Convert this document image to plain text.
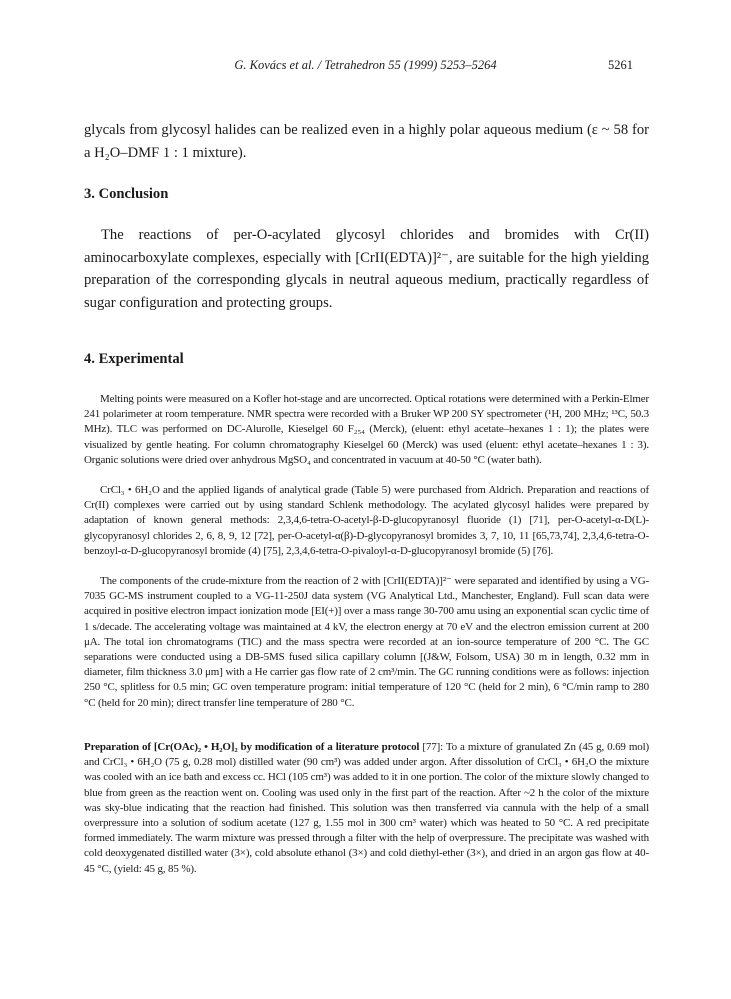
G. Kovács et al. / Tetrahedron 55 (1999) 5253–5264	5261
glycals from glycosyl halides can be realized even in a highly polar aqueous medium (ε ~ 58 for a H₂O–DMF 1 : 1 mixture).
3. Conclusion
The reactions of per-O-acylated glycosyl chlorides and bromides with Cr(II) aminocarboxylate complexes, especially with [CrII(EDTA)]²⁻, are suitable for the high yielding preparation of the corresponding glycals in neutral aqueous medium, practically regardless of sugar configuration and protecting groups.
4. Experimental
Melting points were measured on a Kofler hot-stage and are uncorrected. Optical rotations were determined with a Perkin-Elmer 241 polarimeter at room temperature. NMR spectra were recorded with a Bruker WP 200 SY spectrometer (¹H, 200 MHz; ¹³C, 50.3 MHz). TLC was performed on DC-Alurolle, Kieselgel 60 F₂₅₄ (Merck), (eluent: ethyl acetate–hexanes 1 : 1); the plates were visualized by gentle heating. For column chromatography Kieselgel 60 (Merck) was used (eluent: ethyl acetate–hexanes 1 : 3). Organic solutions were dried over anhydrous MgSO₄ and concentrated in vacuum at 40-50 °C (water bath).
CrCl₃ • 6H₂O and the applied ligands of analytical grade (Table 5) were purchased from Aldrich. Preparation and reactions of Cr(II) complexes were carried out by using standard Schlenk methodology. The acylated glycosyl halides were prepared by adaptation of known general methods: 2,3,4,6-tetra-O-acetyl-β-D-glucopyranosyl fluoride (1) [71], per-O-acetyl-α-D(L)-glycopyranosyl chlorides 2, 6, 8, 9, 12 [72], per-O-acetyl-α(β)-D-glycopyranosyl bromides 3, 7, 10, 11 [65,73,74], 2,3,4,6-tetra-O-benzoyl-α-D-glucopyranosyl bromide (4) [75], 2,3,4,6-tetra-O-pivaloyl-α-D-glucopyranosyl bromide (5) [76].
The components of the crude-mixture from the reaction of 2 with [CrII(EDTA)]²⁻ were separated and identified by using a VG-7035 GC-MS instrument coupled to a VG-11-250J data system (VG Analytical Ltd., Manchester, England). Full scan data were acquired in positive electron impact ionization mode [EI(+)] over a mass range 30-700 amu using an exponential scan cyclic time of 1 s/decade. The accelerating voltage was maintained at 4 kV, the electron energy at 70 eV and the electron emission current at 200 μA. The total ion chromatograms (TIC) and the mass spectra were recorded at an ion-source temperature of 200 °C. The GC separations were conducted using a DB-5MS fused silica capillary column [(J&W, Folsom, USA) 30 m in length, 0.32 mm in diameter, film thickness 3.0 μm] with a He carrier gas flow rate of 2 cm³/min. The GC running conditions were as follows: injection 250 °C, splitless for 0.5 min; GC oven temperature program: initial temperature of 120 °C (held for 2 min), 6 °C/min ramp to 280 °C (held for 20 min); direct transfer line temperature of 280 °C.
Preparation of [Cr(OAc)₂ • H₂O]₂ by modification of a literature protocol [77]: To a mixture of granulated Zn (45 g, 0.69 mol) and CrCl₃ • 6H₂O (75 g, 0.28 mol) distilled water (90 cm³) was added under argon. After dissolution of CrCl₃ • 6H₂O the mixture was cooled with an ice bath and excess cc. HCl (105 cm³) was added to it in one portion. The color of the mixture slowly changed to blue from green as the reaction went on. Cooling was used only in the first part of the reaction. After ~2 h the color of the mixture was sky-blue indicating that the reaction had finished. This solution was then transferred via cannula with the help of a small overpressure into a solution of sodium acetate (127 g, 1.55 mol in 300 cm³ water) which was heated to 50 °C. A red precipitate formed immediately. The warm mixture was pressed through a filter with the help of overpressure. The precipitate was washed with cold deoxygenated distilled water (3×), cold absolute ethanol (3×) and cold diethyl-ether (3×), and dried in an argon gas flow at 40-45 °C, (yield: 45 g, 85 %).
